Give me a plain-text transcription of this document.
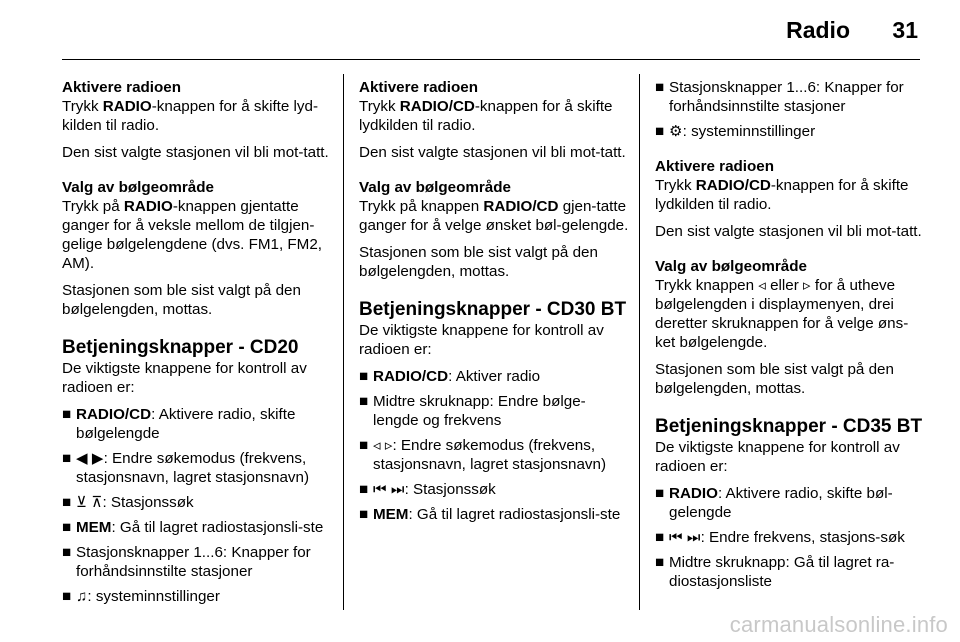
Radio 31
Aktivere radioen
Trykk RADIO-knappen for å skifte lyd-kilden til radio.
Den sist valgte stasjonen vil bli mot-tatt.
Valg av bølgeområde
Trykk på RADIO-knappen gjentatte ganger for å veksle mellom de tilgjen-gelige bølgelengdene (dvs. FM1, FM2, AM).
Stasjonen som ble sist valgt på den bølgelengden, mottas.
Betjeningsknapper - CD20
De viktigste knappene for kontroll av radioen er:
■ RADIO/CD: Aktivere radio, skifte bølgelengde
■ ◀ ▶: Endre søkemodus (frekvens, stasjonsnavn, lagret stasjonsnavn)
■ ⊻ ⊼: Stasjonssøk
■ MEM: Gå til lagret radiostasjonsli-ste
■ Stasjonsknapper 1...6: Knapper for forhåndsinnstilte stasjoner
■ ♫: systeminnstillinger
Aktivere radioen
Trykk RADIO/CD-knappen for å skifte lydkilden til radio.
Den sist valgte stasjonen vil bli mot-tatt.
Valg av bølgeområde
Trykk på knappen RADIO/CD gjen-tatte ganger for å velge ønsket bøl-gelengde.
Stasjonen som ble sist valgt på den bølgelengden, mottas.
Betjeningsknapper - CD30 BT
De viktigste knappene for kontroll av radioen er:
■ RADIO/CD: Aktiver radio
■ Midtre skruknapp: Endre bølge-lengde og frekvens
■ ◃ ▹: Endre søkemodus (frekvens, stasjonsnavn, lagret stasjonsnavn)
■ ⏮ ⏭: Stasjonssøk
■ MEM: Gå til lagret radiostasjonsli-ste
■ Stasjonsknapper 1...6: Knapper for forhåndsinnstilte stasjoner
■ ⚙: systeminnstillinger
Aktivere radioen
Trykk RADIO/CD-knappen for å skifte lydkilden til radio.
Den sist valgte stasjonen vil bli mot-tatt.
Valg av bølgeområde
Trykk knappen ◃ eller ▹ for å utheve bølgelengden i displaymenyen, drei deretter skruknappen for å velge øns-ket bølgelengde.
Stasjonen som ble sist valgt på den bølgelengden, mottas.
Betjeningsknapper - CD35 BT
De viktigste knappene for kontroll av radioen er:
■ RADIO: Aktivere radio, skifte bøl-gelengde
■ ⏮ ⏭: Endre frekvens, stasjons-søk
■ Midtre skruknapp: Gå til lagret ra-diostasjonsliste
carmanualsonline.info
